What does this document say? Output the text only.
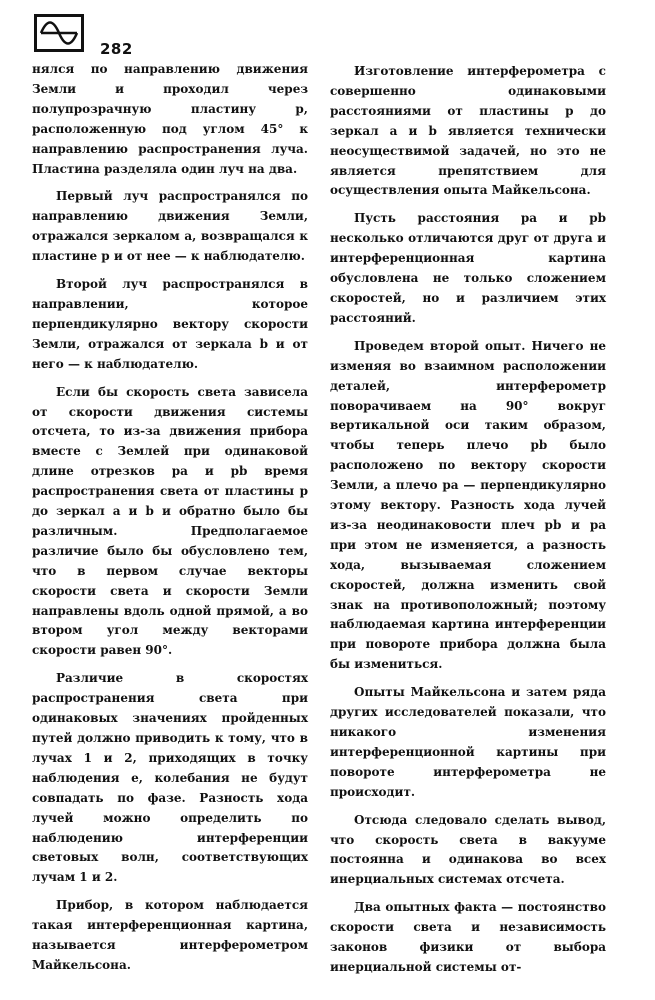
282

нялся по направлению движения Земли и проходил через полупрозрачную пластину p, расположенную под углом 45° к направлению распространения луча. Пластина разделяла один луч на два.

Первый луч распространялся по направлению движения Земли, отражался зеркалом a, возвращался к пластине p и от нее — к наблюдателю.

Второй луч распространялся в направлении, которое перпендикулярно вектору скорости Земли, отражался от зеркала b и от него — к наблюдателю.

Если бы скорость света зависела от скорости движения системы отсчета, то из-за движения прибора вместе с Землей при одинаковой длине отрезков pa и pb время распространения света от пластины p до зеркал a и b и обратно было бы различным. Предполагаемое различие было бы обусловлено тем, что в первом случае векторы скорости света и скорости Земли направлены вдоль одной прямой, а во втором угол между векторами скорости равен 90°.

Различие в скоростях распространения света при одинаковых значениях пройденных путей должно приводить к тому, что в лучах 1 и 2, приходящих в точку наблюдения e, колебания не будут совпадать по фазе. Разность хода лучей можно определить по наблюдению интерференции световых волн, соответствующих лучам 1 и 2.

Прибор, в котором наблюдается такая интерференционная картина, называется интерферометром Майкельсона.

Изготовление интерферометра с совершенно одинаковыми расстояниями от пластины p до зеркал a и b является технически неосуществимой задачей, но это не является препятствием для осуществления опыта Майкельсона.

Пусть расстояния pa и pb несколько отличаются друг от друга и интерференционная картина обусловлена не только сложением скоростей, но и различием этих расстояний.

Проведем второй опыт. Ничего не изменяя во взаимном расположении деталей, интерферометр поворачиваем на 90° вокруг вертикальной оси таким образом, чтобы теперь плечо pb было расположено по вектору скорости Земли, а плечо pa — перпендикулярно этому вектору. Разность хода лучей из-за неодинаковости плеч pb и pa при этом не изменяется, а разность хода, вызываемая сложением скоростей, должна изменить свой знак на противоположный; поэтому наблюдаемая картина интерференции при повороте прибора должна была бы измениться.

Опыты Майкельсона и затем ряда других исследователей показали, что никакого изменения интерференционной картины при повороте интерферометра не происходит.

Отсюда следовало сделать вывод, что скорость света в вакууме постоянна и одинакова во всех инерциальных системах отсчета.

Два опытных факта — постоянство скорости света и независимость законов физики от выбора инерциальной системы от-
